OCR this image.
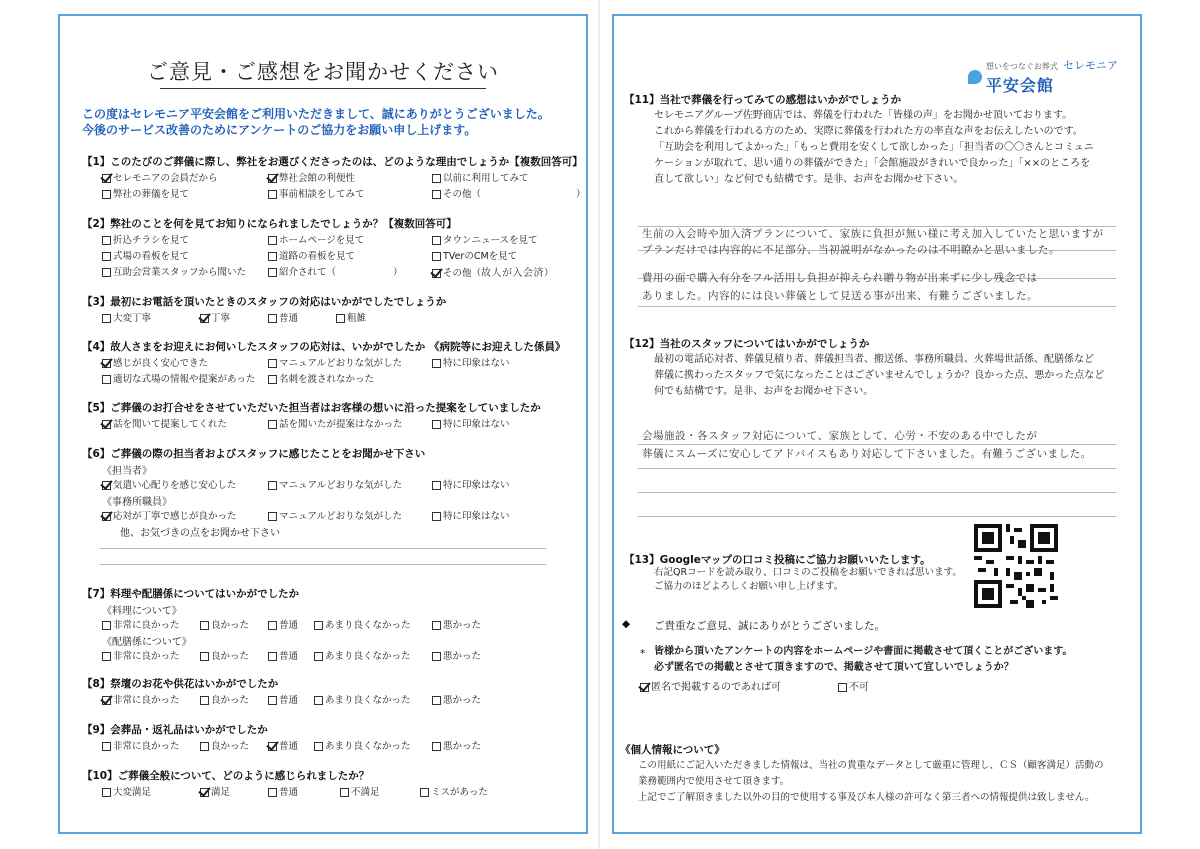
ご意見・ご感想をお聞かせください
この度はセレモニア平安会館をご利用いただきまして、誠にありがとうございました。
今後のサービス改善のためにアンケートのご協力をお願い申し上げます。
【1】このたびのご葬儀に際し、弊社をお選びくださったのは、どのような理由でしょうか【複数回答可】
セレモニアの会員だから	弊社会館の利便性	以前に利用してみて
弊社の葬儀を見て	事前相談をしてみて	その他（　　　　　　　　　　）
【2】弊社のことを何を見てお知りになられましたでしょうか？【複数回答可】
折込チラシを見て	ホームページを見て	タウンニュースを見て
式場の看板を見て	道路の看板を見て	TVerのCMを見て
互助会営業スタッフから聞いた	紹介されて（　　　　　　）	その他（故人が入会済）
【3】最初にお電話を頂いたときのスタッフの対応はいかがでしたでしょうか
大変丁寧	丁寧	普通	粗雑
【4】故人さまをお迎えにお伺いしたスタッフの応対は、いかがでしたか 《病院等にお迎えした係員》
感じが良く安心できた	マニュアルどおりな気がした	特に印象はない
適切な式場の情報や提案があった	名刺を渡されなかった
【5】ご葬儀のお打合せをさせていただいた担当者はお客様の想いに沿った提案をしていましたか
話を聞いて提案してくれた	話を聞いたが提案はなかった	特に印象はない
【6】ご葬儀の際の担当者およびスタッフに感じたことをお聞かせ下さい
《担当者》
気遣い心配りを感じ安心した	マニュアルどおりな気がした	特に印象はない
《事務所職員》
応対が丁寧で感じが良かった	マニュアルどおりな気がした	特に印象はない
他、お気づきの点をお聞かせ下さい
【7】料理や配膳係についてはいかがでしたか
《料理について》
非常に良かった	良かった	普通	あまり良くなかった	悪かった
《配膳係について》
非常に良かった	良かった	普通	あまり良くなかった	悪かった
【8】祭壇のお花や供花はいかがでしたか
非常に良かった	良かった	普通	あまり良くなかった	悪かった
【9】会葬品・返礼品はいかがでしたか
非常に良かった	良かった	普通	あまり良くなかった	悪かった
【10】ご葬儀全般について、どのように感じられましたか？
大変満足	満足	普通	不満足	ミスがあった
想いをつなぐお葬式 セレモニア
平安会館
【11】当社で葬儀を行ってみての感想はいかがでしょうか
セレモニアグループ佐野商店では、葬儀を行われた「皆様の声」をお聞かせ頂いております。
これから葬儀を行われる方のため、実際に葬儀を行われた方の率直な声をお伝えしたいのです。
「互助会を利用してよかった」「もっと費用を安くして欲しかった」「担当者の〇〇さんとコミュニ
ケーションが取れて、思い通りの葬儀ができた」「会館施設がきれいで良かった」「××のところを
直して欲しい」など何でも結構です。是非、お声をお聞かせ下さい。
生前の入会時や加入済プランについて、家族に負担が無い様に考え加入していたと思いますが
プランだけでは内容的に不足部分、当初説明がなかったのは不明瞭かと思いました。
費用の面で購入有分をフル活用し負担が抑えられ贈り物が出来ずに少し残念では
ありました。内容的には良い葬儀として見送る事が出来、有難うございました。
【12】当社のスタッフについてはいかがでしょうか
最初の電話応対者、葬儀見積り者、葬儀担当者、搬送係、事務所職員、火葬場世話係、配膳係など
葬儀に携わったスタッフで気になったことはございませんでしょうか？良かった点、悪かった点など
何でも結構です。是非、お声をお聞かせ下さい。
会場施設・各スタッフ対応について、家族として、心労・不安のある中でしたが
葬儀にスムーズに安心してアドバイスもあり対応して下さいました。有難うございました。
【13】Googleマップの口コミ投稿にご協力お願いいたします。
右記QRコードを読み取り、口コミのご投稿をお願いできれば思います。
ご協力のほどよろしくお願い申し上げます。
◆ ご貴重なご意見、誠にありがとうございました。
* 皆様から頂いたアンケートの内容をホームページや書面に掲載させて頂くことがございます。
必ず匿名での掲載とさせて頂きますので、掲載させて頂いて宜しいでしょうか？
匿名で掲載するのであれば可	不可
《個人情報について》
この用紙にご記入いただきました情報は、当社の貴重なデータとして厳重に管理し、ＣＳ（顧客満足）活動の
業務範囲内で使用させて頂きます。
上記でご了解頂きました以外の目的で使用する事及び本人様の許可なく第三者への情報提供は致しません。
